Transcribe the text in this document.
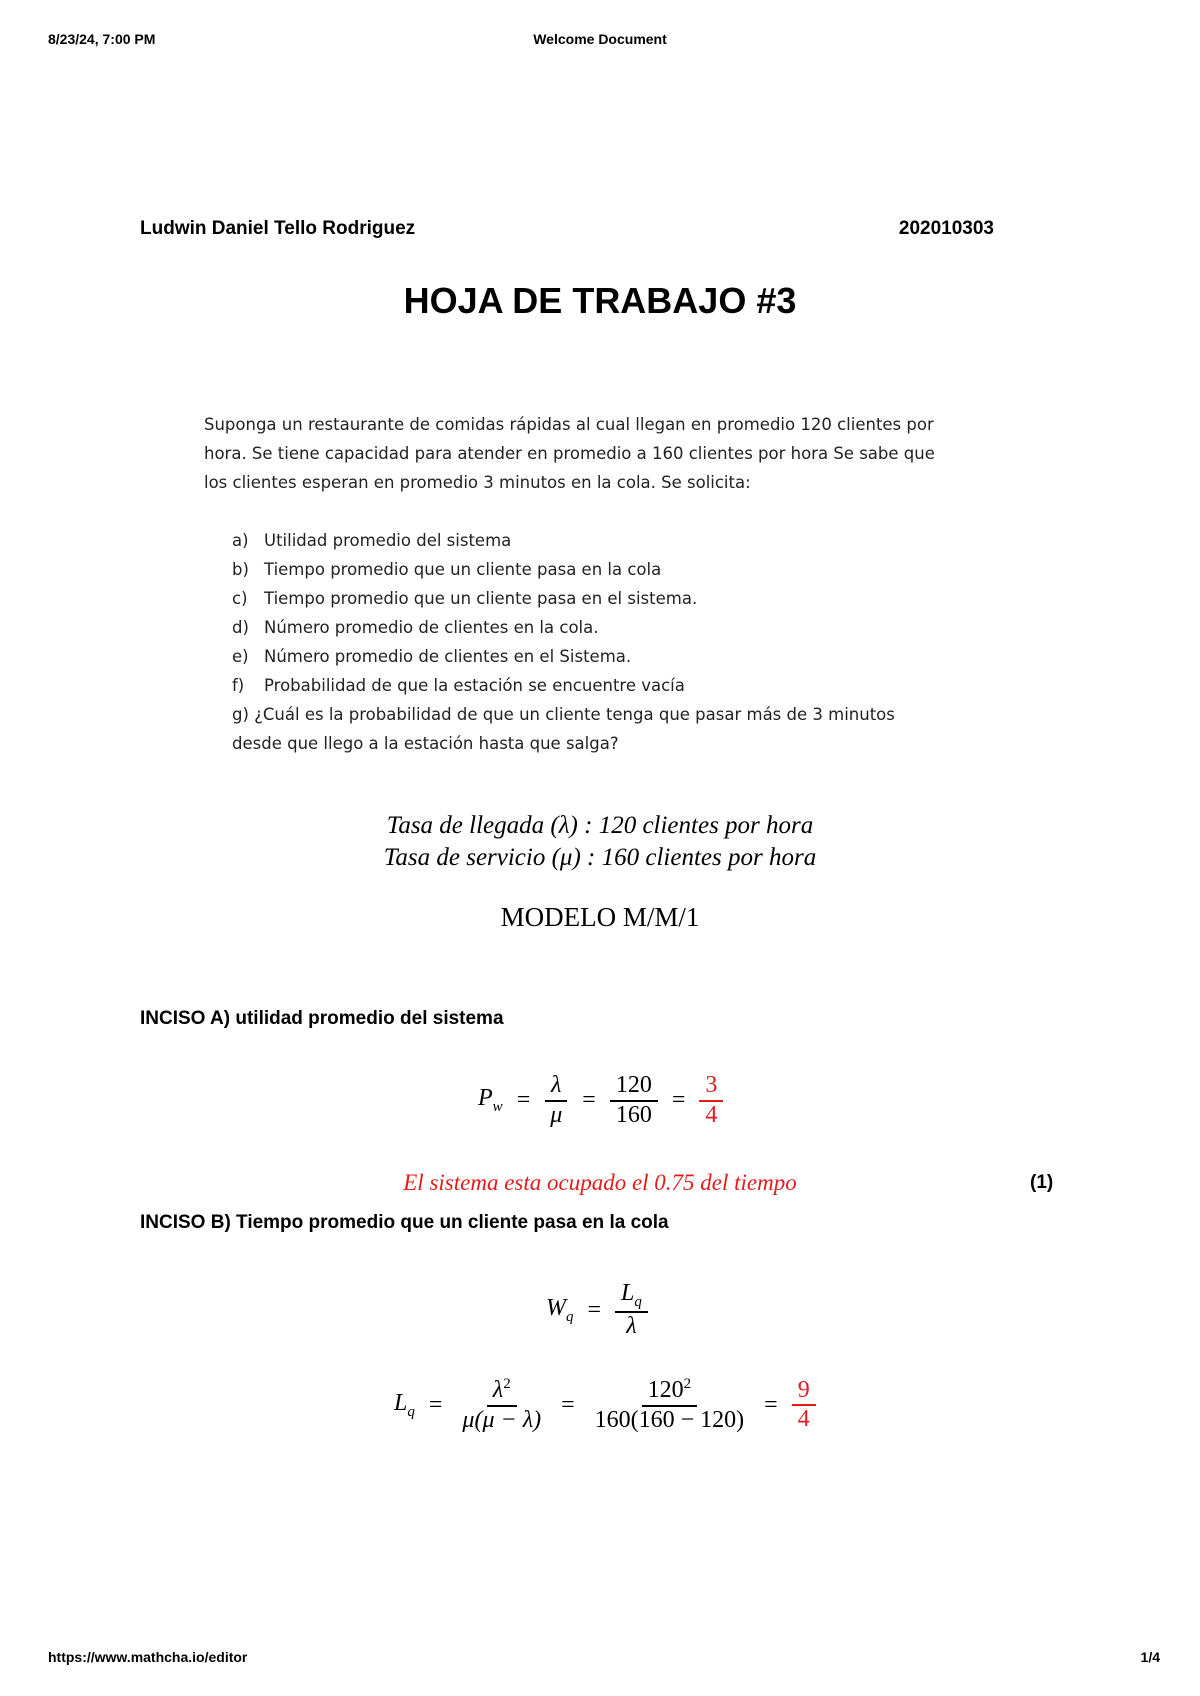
8/23/24, 7:00 PM	Welcome Document
Ludwin Daniel Tello Rodriguez	202010303
HOJA DE TRABAJO #3
Suponga un restaurante de comidas rápidas al cual llegan en promedio 120 clientes por
hora. Se tiene capacidad para atender en promedio a 160 clientes por hora Se sabe que
los clientes esperan en promedio 3 minutos en la cola. Se solicita:
a) Utilidad promedio del sistema
b) Tiempo promedio que un cliente pasa en la cola
c) Tiempo promedio que un cliente pasa en el sistema.
d) Número promedio de clientes en la cola.
e) Número promedio de clientes en el Sistema.
f)	Probabilidad de que la estación se encuentre vacía
g) ¿Cuál es la probabilidad de que un cliente tenga que pasar más de 3 minutos
desde que llego a la estación hasta que salga?
Tasa de llegada (λ) : 120 clientes por hora
Tasa de servicio (μ) : 160 clientes por hora
MODELO M/M/1
INCISO A) utilidad promedio del sistema
$P_w = \frac{\lambda}{\mu} = \frac{120}{160} = \frac{3}{4}$
El sistema esta ocupado el 0.75 del tiempo	(1)
INCISO B) Tiempo promedio que un cliente pasa en la cola
$W_q = \frac{L_q}{\lambda}$
$L_q = \frac{\lambda^2}{\mu(\mu - \lambda)} = \frac{120^2}{160(160 - 120)} = \frac{9}{4}$
https://www.mathcha.io/editor	1/4
